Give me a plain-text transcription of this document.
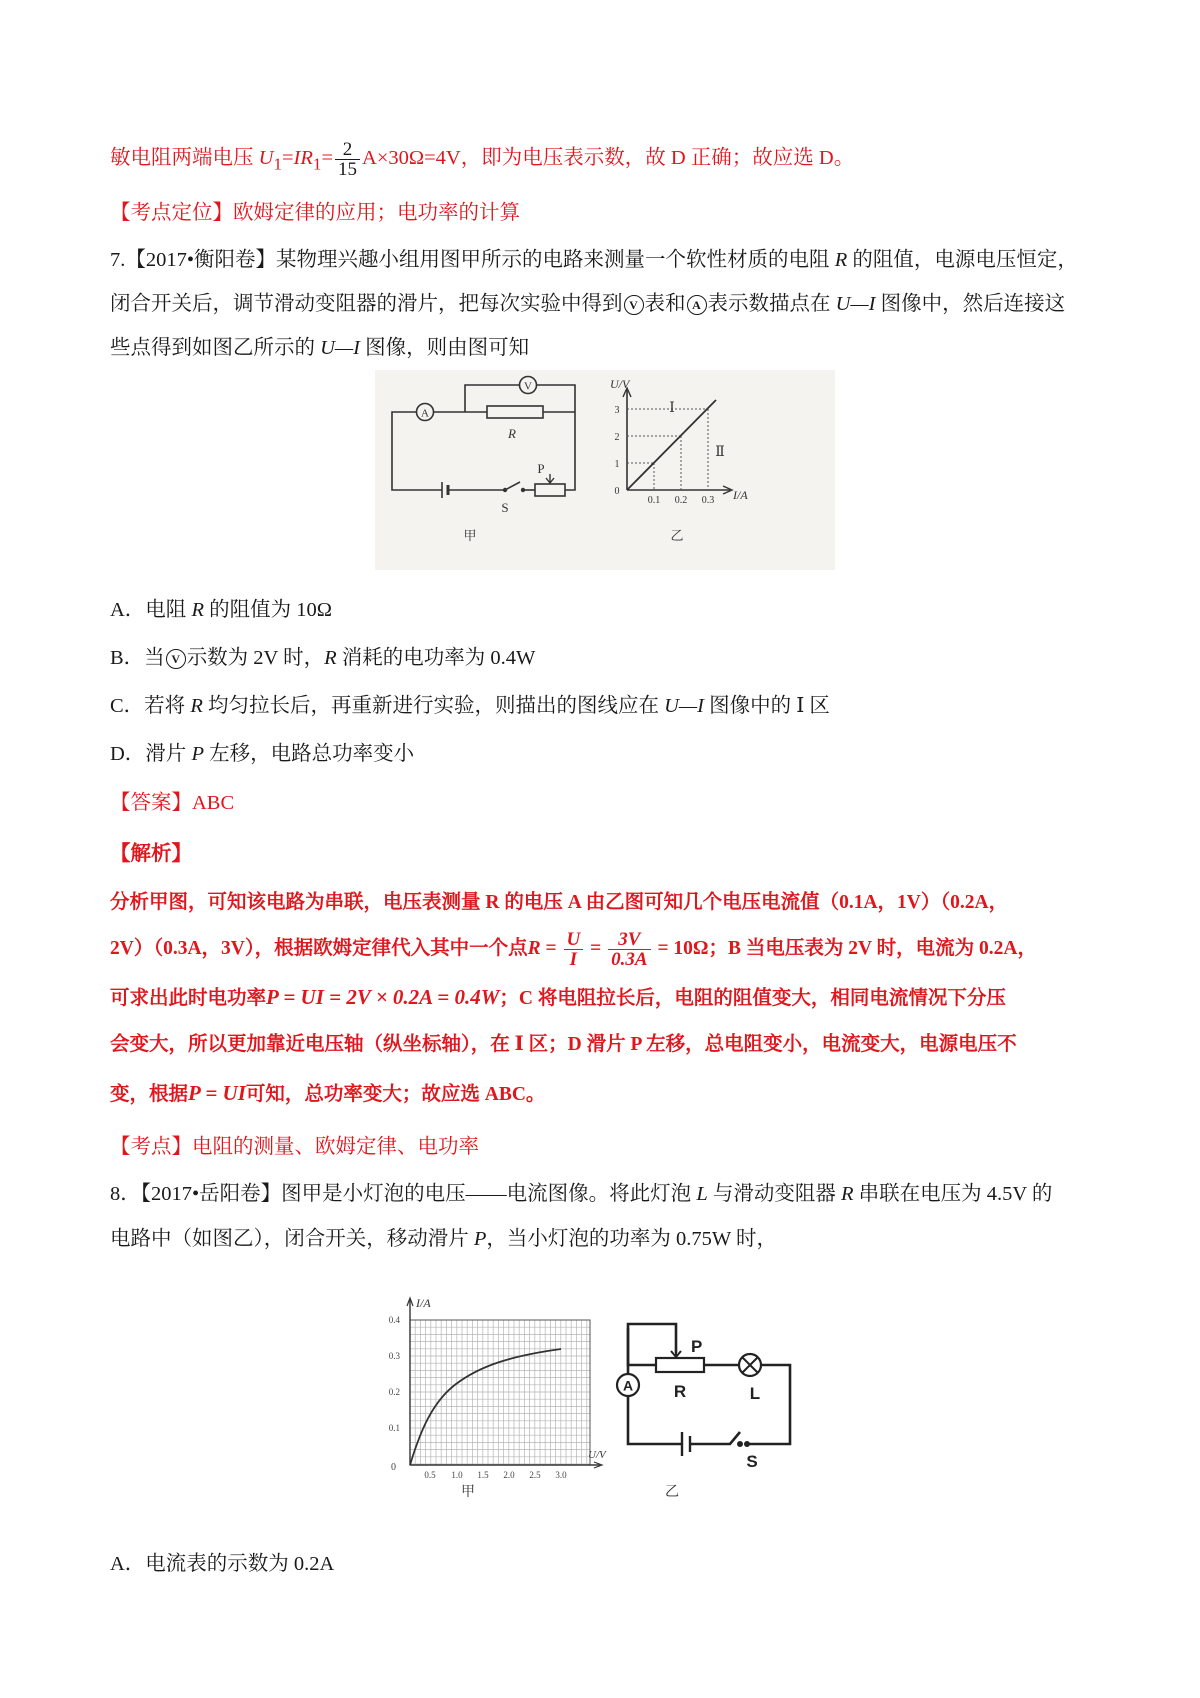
敏电阻两端电压 $U_1=IR_1= \frac{2}{15} A\times 30\Omega=4V$，即为电压表示数，故 D 正确；故应选 D。
【考点定位】欧姆定律的应用；电功率的计算
7.【2017•衡阳卷】某物理兴趣小组用图甲所示的电路来测量一个软性材质的电阻 R 的阻值，电源电压恒定，
闭合开关后，调节滑动变阻器的滑片，把每次实验中得到 V 表和 A 表示数描点在 U—I 图像中，然后连接这
些点得到如图乙所示的 U—I 图像，则由图可知
A
V
R
S
P
甲
U/V
I/A
3
2
1
0
0.1 0.2 0.3
Ⅰ
Ⅱ
乙
A．电阻 R 的阻值为 10Ω
B．当 V 示数为 2V 时，R 消耗的电功率为 0.4W
C．若将 R 均匀拉长后，再重新进行实验，则描出的图线应在 U—I 图像中的 Ⅰ 区
D．滑片 P 左移，电路总功率变小
【答案】ABC
【解析】
分析甲图，可知该电路为串联，电压表测量 R 的电压 A 由乙图可知几个电压电流值（0.1A，1V）（0.2A，
2V）（0.3A，3V），根据欧姆定律代入其中一个点$R = \frac{U}{I} = \frac{3V}{0.3A} = 10\Omega$；B 当电压表为 2V 时，电流为 0.2A，
可求出此时电功率P = UI = 2V × 0.2A = 0.4W；C 将电阻拉长后，电阻的阻值变大，相同电流情况下分压
会变大，所以更加靠近电压轴（纵坐标轴），在 Ⅰ 区；D 滑片 P 左移，总电阻变小，电流变大，电源电压不
变，根据P = UI可知，总功率变大；故应选 ABC。
【考点】电阻的测量、欧姆定律、电功率
8．【2017•岳阳卷】图甲是小灯泡的电压——电流图像。将此灯泡 L 与滑动变阻器 R 串联在电压为 4.5V 的
电路中（如图乙），闭合开关，移动滑片 P，当小灯泡的功率为 0.75W 时，
I/A
U/V
0.4
0.3
0.2
0.1
0
0.5 1.0 1.5 2.0 2.5 3.0
甲
S
P
R	L
A
乙
A．电流表的示数为 0.2A
